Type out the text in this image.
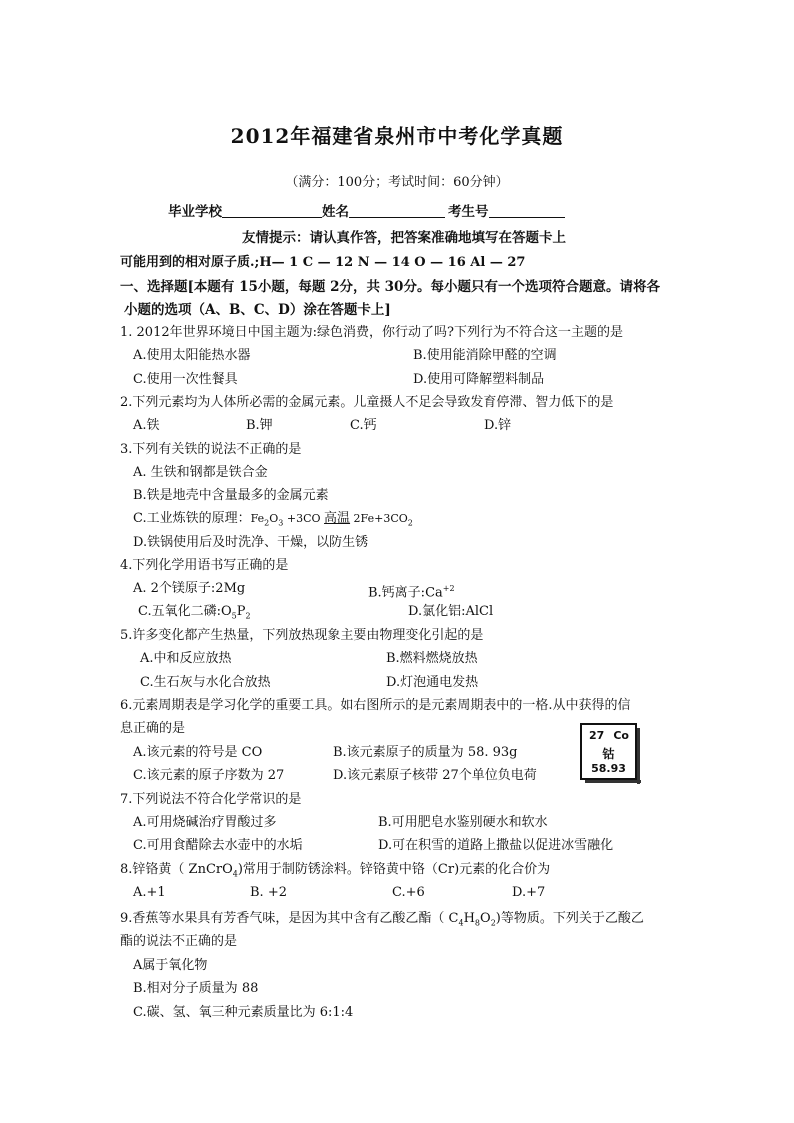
2012年福建省泉州市中考化学真题
（满分：100分；考试时间：60分钟）
毕业学校	姓名	考生号
友情提示：请认真作答，把答案准确地填写在答题卡上
可能用到的相对原子质.;H— 1 C — 12 N — 14 O — 16 Al — 27
一、选择题[本题有 15小题，每题 2分，共 30分。每小题只有一个选项符合题意。请将各
小题的选项（A、B、C、D）涂在答题卡上]
1. 2012年世界环境日中国主题为:绿色消费，你行动了吗?下列行为不符合这一主题的是
A.使用太阳能热水器	B.使用能消除甲醛的空调
C.使用一次性餐具	D.使用可降解塑料制品
2.下列元素均为人体所必需的金属元素。儿童摄人不足会导致发育停滞、智力低下的是
A.铁	B.钾	C.钙	D.锌
3.下列有关铁的说法不正确的是
A. 生铁和钢都是铁合金
B.铁是地壳中含量最多的金属元素
C.工业炼铁的原理：$Fe_2O_3 +3CO$ 高温 $2Fe+3CO_2$
D.铁锅使用后及时洗净、干燥，以防生锈
4.下列化学用语书写正确的是
A. 2个镁原子:2Mg	B.钙离子$:Ca^{+2}$
C.五氧化二磷$:O_5P_2$	D.氯化铝:AlCl
5.许多变化都产生热量，下列放热现象主要由物理变化引起的是
A.中和反应放热	B.燃料燃烧放热
C.生石灰与水化合放热	D.灯泡通电发热
6.元素周期表是学习化学的重要工具。如右图所示的是元素周期表中的一格.从中获得的信
息正确的是
A.该元素的符号是 CO	B.该元素原子的质量为 58. 93g
C.该元素的原子序数为 27	D.该元素原子核带 27个单位负电荷
27 Co
钴
58.93
7.下列说法不符合化学常识的是
A.可用烧碱治疗胃酸过多	B.可用肥皂水鉴别硬水和软水
C.可用食醋除去水壶中的水垢	D.可在积雪的道路上撒盐以促进冰雪融化
8.锌铬黄（ ZnCrO$_4$)常用于制防锈涂料。锌铬黄中铬（Cr)元素的化合价为
A.+1	B. +2	C.+6	D.+7
9.香蕉等水果具有芳香气味，是因为其中含有乙酸乙酯（ $C_4H_8O_2$)等物质。下列关于乙酸乙
酯的说法不正确的是
A属于氧化物
B.相对分子质量为 88
C.碳、氢、氧三种元素质量比为 6:1:4
